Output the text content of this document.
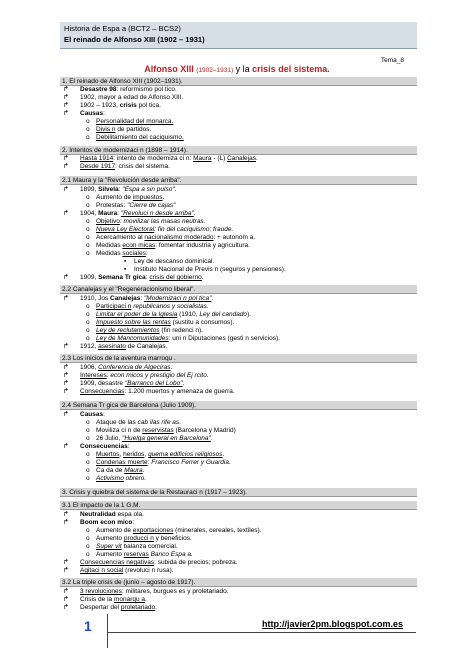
Historia de Espa a (BCT2 – BCS2)
El reinado de Alfonso XIII (1902 – 1931)
Tema_8
Alfonso XIII (1902–1931) y la crisis del sistema.
1. El reinado de Alfonso XIII (1902–1931).
↱	Desastre 98: reformismo pol tico.
↱	1902, mayor a edad de Alfonso XIII.
↱	1902 – 1923, crisis pol tica.
↱	Causas:
o Personalidad del monarca.
o Divis n de partidos.
o Debilitamiento del caciquismo.
2. Intentos de modernizaci n (1898 – 1914).
↱	Hasta 1914: intento de moderniza ci n: Maura - (L) Canalejas.
↱	Desde 1917: crisis del sistema.
2.1 Maura y la "Revolución desde arriba".
↱	1899, Silvela: "Espa a sin pulso".
o Aumento de impuestos.
o Protestas: "Cierre de cajas"
↱	1904, Maura: "Revoluci n desde arriba".
o Objetivo: movilizar las masas neutras.
o Nueva Ley Electoral: fin del caciquismo; fraude.
o Acercamiento al nacionalismo moderado: + autonom a.
o Medidas econ micas: fomentar industria y agricultura.
o Medidas sociales:
▪ Ley de descanso dominical.
▪ Instituto Nacional de Previs n (seguros y pensiones).
↱	1909, Semana Tr gica: crisis del gobierno.
2.2 Canalejas y el "Regeneracionismo liberal".
↱	1910, Jos Canalejas: "Modernizaci n pol tica".
o Participaci n republicanos y socialistas.
o Limitar el poder de la Iglesia (1910, Ley del candado).
o Impuesto sobre las rentas (sustitu a consumos).
o Ley de reclutamientos (fin redenci n).
o Ley de Mancomunidades: uni n Diputaciones (gesti n servicios).
↱	1912, asesinato de Canalejas.
2.3 Los inicios de la aventura marroqu .
↱	1906, Conferencia de Algeciras.
↱	Intereses: econ micos y prestigio del Ej rcito.
↱	1909, desastre "Barranco del Lobo".
↱	Consecuencias: 1.200 muertos y amenaza de guerra.
2.4 Semana Tr gica de Barcelona (Julio 1909).
↱	Causas:
o Ataque de las cab ilas rife as.
o Moviliza ci n de reservistas (Barcelona y Madrid)
o 26 Julio, "Huelga general en Barcelona".
↱	Consecuencias:
o Muertos, heridos, quema edificios religiosos.
o Condenas muerte: Francisco Ferrer y Guardia.
o Ca da de Maura.
o Activismo obrero.
3. Crisis y quiebra del sistema de la Restauraci n (1917 – 1923).
3.1 El impacto de la 1 G.M.
↱	Neutralidad espa ola.
↱	Boom econ mico:
o Aumento de exportaciones (minerales, cereales, textiles).
o Aumento producci n y beneficios.
o Super vit balanza comercial.
o Aumento reservas Banco Espa a.
↱	Consecuencias negativas: subida de precios; pobreza.
↱	Agitaci n social (revoluci n rusa).
3.2 La triple crisis de (junio – agosto de 1917).
↱	3 revoluciones: militares, burgues es y proletariado.
↱	Crisis de la monarqu a.
↱	Despertar del proletariado.
1	http://javier2pm.blogspot.com.es
